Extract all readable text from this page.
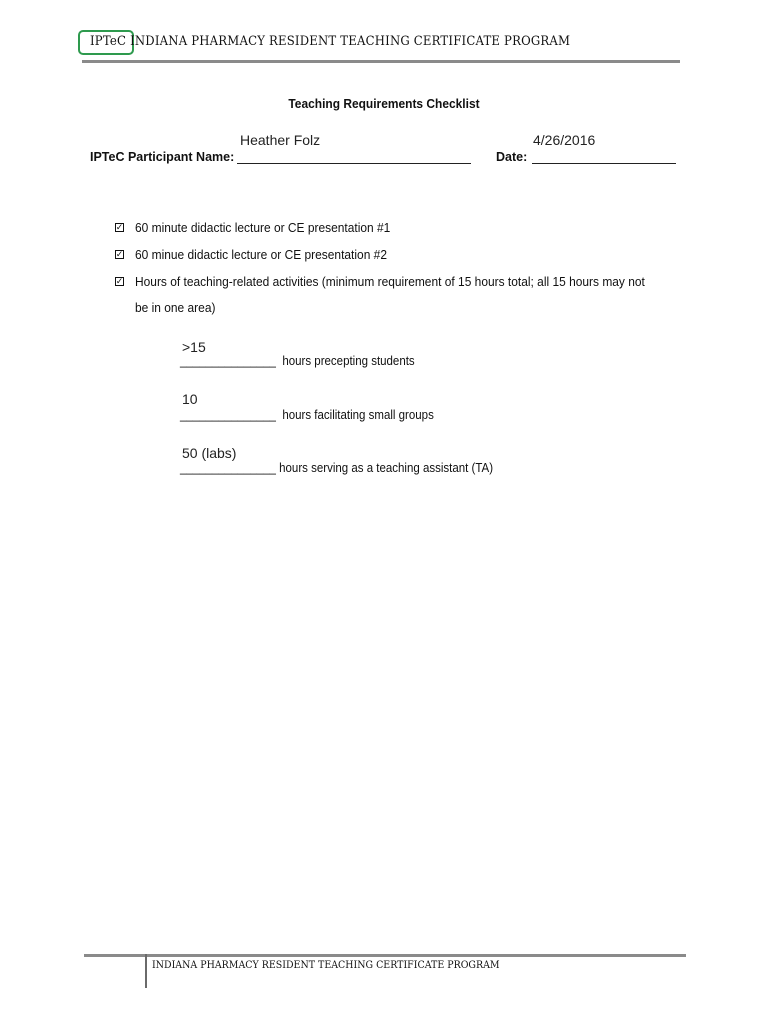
IPTeC INDIANA PHARMACY RESIDENT TEACHING CERTIFICATE PROGRAM
Teaching Requirements Checklist
Heather Folz
IPTeC Participant Name:
4/26/2016
Date:
✓ 60 minute didactic lecture or CE presentation #1
✓ 60 minue didactic lecture or CE presentation #2
✓ Hours of teaching-related activities (minimum requirement of 15 hours total; all 15 hours may not
be in one area)
>15
_______________ hours precepting students
10
_______________ hours facilitating small groups
50 (labs)
_______________ hours serving as a teaching assistant (TA)
INDIANA PHARMACY RESIDENT TEACHING CERTIFICATE PROGRAM
